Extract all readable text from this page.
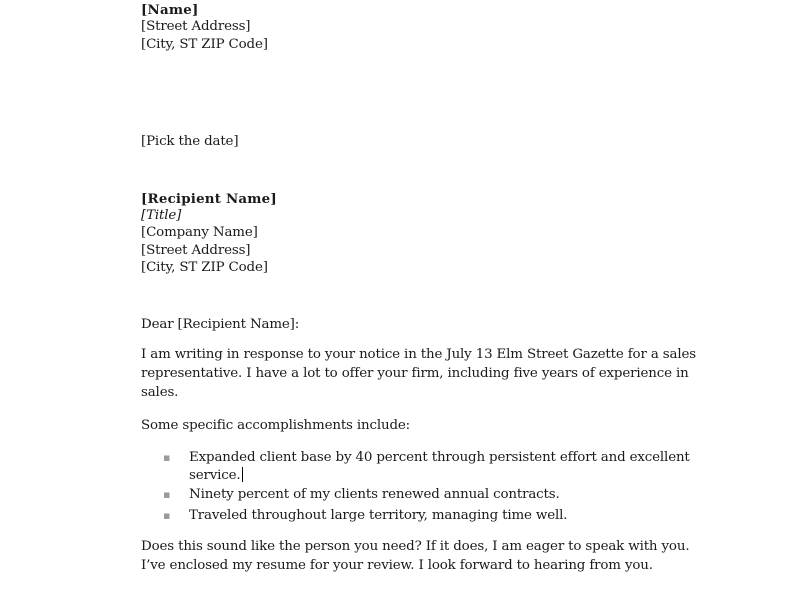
[Name]
[Street Address]
[City, ST ZIP Code]
[Pick the date]
[Recipient Name]
[Title]
[Company Name]
[Street Address]
[City, ST ZIP Code]
Dear [Recipient Name]:
I am writing in response to your notice in the July 13 Elm Street Gazette for a sales
representative. I have a lot to offer your firm, including five years of experience in
sales.
Some specific accomplishments include:
▪ Expanded client base by 40 percent through persistent effort and excellent
service.
▪ Ninety percent of my clients renewed annual contracts.
▪ Traveled throughout large territory, managing time well.
Does this sound like the person you need? If it does, I am eager to speak with you.
I’ve enclosed my resume for your review. I look forward to hearing from you.
